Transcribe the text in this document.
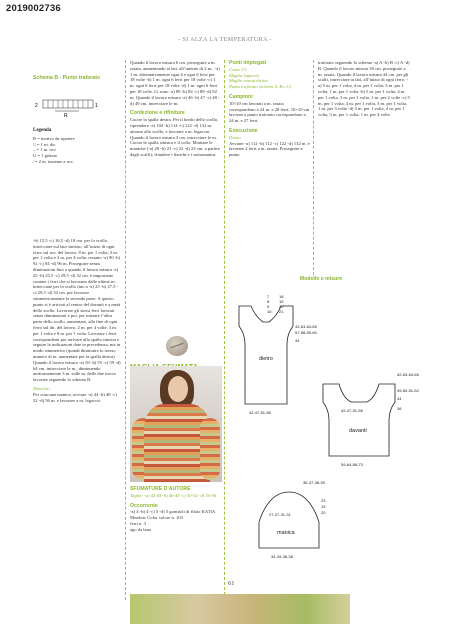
2019002736
- SI ALZA LA TEMPERATURA -

Schema B - Punto traforato

2	1
R

Legenda

R = motivo da ripetere

□ = 1 m. dir.

– = 1 m. rov.

U = 1 gettato

⁄ = 2 m. insieme a rov.

-b) 15,5 -c) 16,5 -d) 18 cm. per lo scollo, intrecciare sul lato sinistro, all’inizio di ogni ferro sul rov. del lavoro, 8 m. per 1 volta, 3 m. per 1 volta e 2 m. per 4 volte; restano -a) 90 -b) 92 -c) 94 -d) 96 m. Proseguire senza diminuzioni fino a quando il lavoro misura -a) 25 -b) 25,5 -c) 29,5 -d) 32 cm. è importante contare i ferri che si lavorano dalle ultime m. intrecciate per lo scollo fino a -a) 25 -b) 27,5 -c) 29,5 -d) 32 cm. per lavorare simmetricamente la seconda parte. A questo punto si è arrivati al centro del davanti e a metà dello scollo. Lavorare gli stessi ferri lavorati senza diminuzioni e poi, per iniziare l’altra parte dello scollo, aumentare, alla fine di ogni ferro sul dir. del lavoro, 2 m. per 4 volte, 3 m. per 1 volta e 8 m. per 1 volta. Lavorare i ferri corrispondenti per arrivare alla spalla sinistra e seguire le indicazioni date in precedenza, ma in modo simmetrico (quindi diminuire lo stesso numero di m. aumentate per la spalla destra). Quando il lavoro misura -a) 50 -b) 55 -c) 59 -d) 64 cm. intrecciare le m., diminuendo uniformemente 3 m. sulle m. delle due trecce lavorate seguendo lo schema B.

Maniche:

Per ciascuna manica, avviare -a) 44 -b) 48 -c) 52 -d) 56 m. e lavorare a m. legaccio

Quando il lavoro misura 6 cm. proseguire a m. rasata, aumentando ai lati, all’interno di 2 m., -a) 1 m. alternativamente ogni 4 e ogni 6 ferri per 18 volte -b) 1 m. ogni 6 ferri per 18 volte -c) 1 m. ogni 6 ferri per 18 volte -d) 1 m. ogni 6 ferri per 18 volte. Ci sono -a) 80 -b) 84 -c) 88 -d) 92 m. Quando il lavoro misura -a) 46 -b) 47 -c) 48 -d) 49 cm. intrecciare le m.

Confezione e rifiniture

Cucire la spalla destra. Per il bordo dello scollo, riprendere -a) 104 -b) 114 -c) 122 -d) 132 m. attorno allo scollo, e lavorare a m. legaccio. Quando il lavoro misura 3 cm. intrecciare le m. Cucire la spalla sinistra e il collo. Montare le maniche (-a) 20 -b) 21 -c) 22 -d) 23 cm. a partire dagli scalfi); chiudere i fianchi e i sottomanica.

SFUMATURE D’AUTORE

Taglie: -a) 42-44 -b) 46-48 -c) 50-52 -d) 54-56

Occorrente

-a) 4 -b) 4 -c) 5 -d) 5 gomitoli di filato KATIA Meadow Color colore n. 103

ferri n. 3

ago da lana

Punti impiegati

Costa 1/1

Maglia legaccio

Maglia rasata diritta

Punto traforato (schemi A, B e C)

Campioni

10×10 cm lavorati a m. rasata corrispondono a 24 m. e 28 ferri; 10×10 cm lavorati a punto traforato corrispondono a 24 m. e 27 ferri.

Esecuzione

Dietro

Avviare -a) 112 -b) 112 -c) 122 -d) 132 m. e lavorare 2 ferri a m. rasata. Proseguire a punto

traforato seguendo lo schema -a) A -b) B -c) A -d) B. Quando il lavoro misura 36 cm. proseguire a m. rasata. Quando il lavoro misura 44 cm. per gli scalfi, intrecciare ai lati, all’inizio di ogni ferro: -a) 5 m. per 1 volta, 4 m. per 1 volta, 3 m. per 1 volta, 1 m. per 1 volta -b) 5 m. per 1 volta, 4 m. per 1 volta, 3 m. per 1 volta, 1 m. per 2 volte -c) 5 m. per 1 volta, 4 m. per 1 volta, 3 m. per 1 volta, 1 m. per 3 volte -d) 5 m. per 1 volta, 4 m. per 1 volta, 3 m. per 1 volta, 1 m. per 4 volte.

Modello e misure

dietro
7
8
9
10
18
19
20
21
42-63-64-65
57-58-59-60
44
42-47-51-56
davanti
42-63-64-65
49-50-51-52
44
36
42-47-51-56
59-64-68-73
manica
36-37-38-39
23
19
20
27-27-31-31
34-34-38-38
61
